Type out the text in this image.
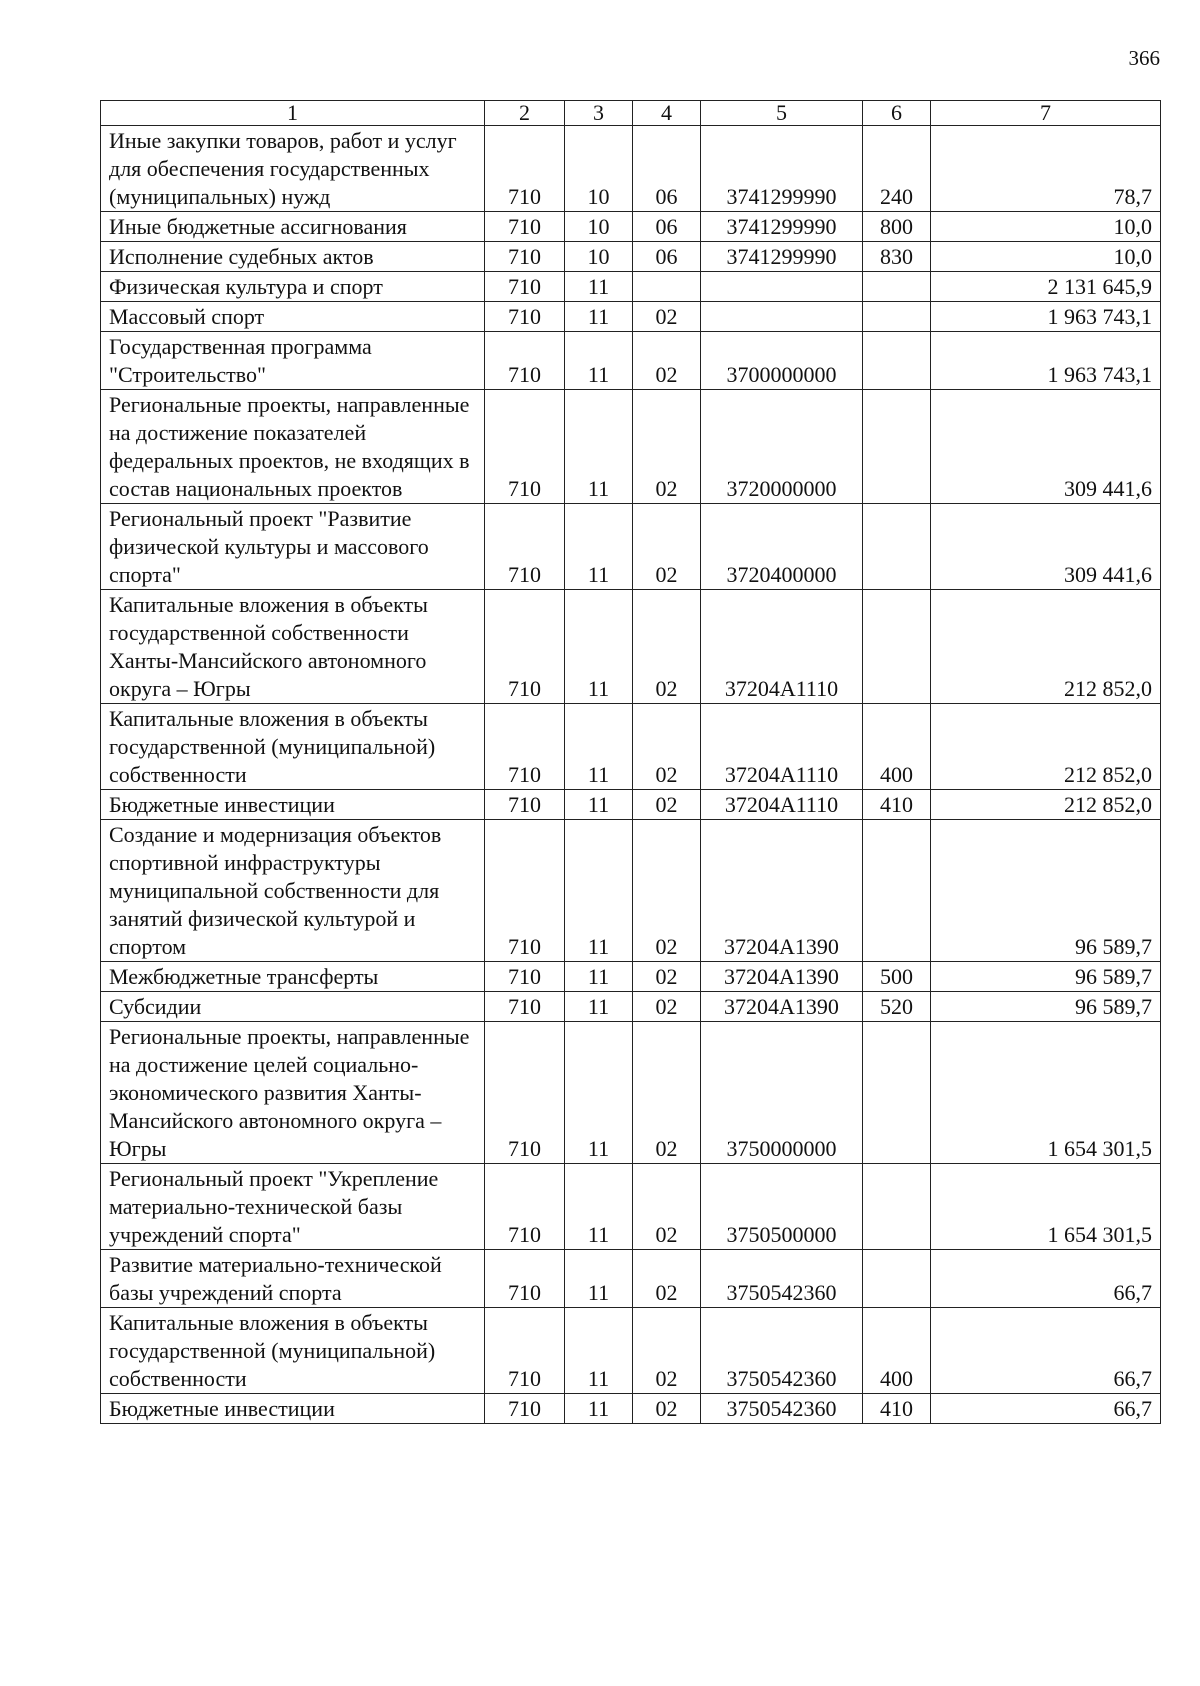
366
1	2	3	4	5	6	7
Иные закупки товаров, работ и услуг для обеспечения государственных (муниципальных) нужд	710	10	06	3741299990	240	78,7
Иные бюджетные ассигнования	710	10	06	3741299990	800	10,0
Исполнение судебных актов	710	10	06	3741299990	830	10,0
Физическая культура и спорт	710	11				2 131 645,9
Массовый спорт	710	11	02			1 963 743,1
Государственная программа "Строительство"	710	11	02	3700000000		1 963 743,1
Региональные проекты, направленные на достижение показателей федеральных проектов, не входящих в состав национальных проектов	710	11	02	3720000000		309 441,6
Региональный проект "Развитие физической культуры и массового спорта"	710	11	02	3720400000		309 441,6
Капитальные вложения в объекты государственной собственности Ханты-Мансийского автономного округа – Югры	710	11	02	37204A1110		212 852,0
Капитальные вложения в объекты государственной (муниципальной) собственности	710	11	02	37204A1110	400	212 852,0
Бюджетные инвестиции	710	11	02	37204A1110	410	212 852,0
Создание и модернизация объектов спортивной инфраструктуры муниципальной собственности для занятий физической культурой и спортом	710	11	02	37204A1390		96 589,7
Межбюджетные трансферты	710	11	02	37204A1390	500	96 589,7
Субсидии	710	11	02	37204A1390	520	96 589,7
Региональные проекты, направленные на достижение целей социально-экономического развития Ханты-Мансийского автономного округа – Югры	710	11	02	3750000000		1 654 301,5
Региональный проект "Укрепление материально-технической базы учреждений спорта"	710	11	02	3750500000		1 654 301,5
Развитие материально-технической базы учреждений спорта	710	11	02	3750542360		66,7
Капитальные вложения в объекты государственной (муниципальной) собственности	710	11	02	3750542360	400	66,7
Бюджетные инвестиции	710	11	02	3750542360	410	66,7
